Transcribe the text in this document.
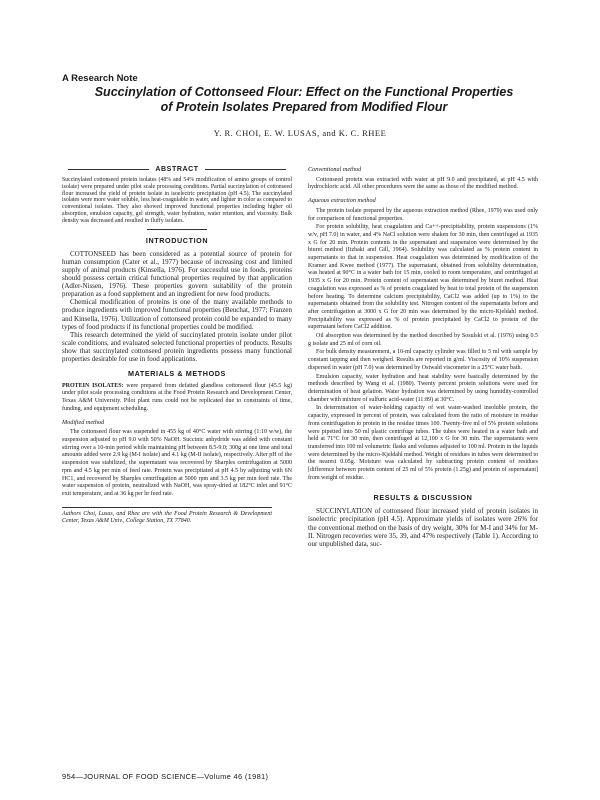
A Research Note
Succinylation of Cottonseed Flour: Effect on the Functional Properties
of Protein Isolates Prepared from Modified Flour
Y. R. CHOI, E. W. LUSAS, and K. C. RHEE
ABSTRACT

Succinylated cottonseed protein isolates (48% and 54% modification of amino groups of control isolate) were prepared under pilot scale processing conditions. Partial succinylation of cottonseed flour increased the yield of protein isolate in isoelectric precipitation (pH 4.5). The succinylated isolates were more water soluble, less heat-coagulable in water, and lighter in color as compared to conventional isolates. They also showed improved functional properties including higher oil absorption, emulsion capacity, gel strength, water hydration, water retention, and viscosity. Bulk density was decreased and resulted in fluffy isolates.

INTRODUCTION

COTTONSEED has been considered as a potential source of protein for human consumption (Cater et al., 1977) because of increasing cost and limited supply of animal products (Kinsella, 1976). For successful use in foods, proteins should possess certain critical functional properties required by that application (Adler-Nissen, 1976). These properties govern suitability of the protein preparation as a food supplement and an ingredient for new food products.

Chemical modification of proteins is one of the many available methods to produce ingredients with improved functional properties (Beuchat, 1977; Franzen and Kinsella, 1976). Utilization of cottonseed protein could be expanded to many types of food products if its functional properties could be modified.

This research determined the yield of succinylated protein isolate under pilot scale conditions, and evaluated selected functional properties of products. Results show that succinylated cottonseed protein ingredients possess many functional properties desirable for use in food applications.

MATERIALS & METHODS

PROTEIN ISOLATES: were prepared from defatted glandless cottonseed flour (45.5 kg) under pilot scale processing conditions at the Food Protein Research and Development Center, Texas A&M University. Pilot plant runs could not be replicated due to constraints of time, funding, and equipment scheduling.

Modified method

The cottonseed flour was suspended in 455 kg of 40°C water with stirring (1:10 w/w), the suspension adjusted to pH 9.0 with 50% NaOH. Succinic anhydride was added with constant stirring over a 10-min period while maintaining pH between 8.5-9.0; 300g at one time and total amounts added were 2.9 kg (M-I isolate) and 4.1 kg (M-II isolate), respectively. After pH of the suspension was stabilized, the supernatant was recovered by Sharples centrifugation at 5000 rpm and 4.5 kg per min of feed rate. Protein was precipitated at pH 4.5 by adjusting with 6N HC1, and recovered by Sharples centrifugation at 5000 rpm and 3.5 kg per min feed rate. The water suspension of protein, neutralized with NaOH, was spray-dried at 182°C inlet and 91°C exit temperature, and at 36 kg per hr feed rate.

Authors Choi, Lusas, and Rhee are with the Food Protein Research & Development Center, Texas A&M Univ., College Station, TX 77840.
Conventional method

Cottonseed protein was extracted with water at pH 9.0 and precipitated, at pH 4.5 with hydrochloric acid. All other procedures were the same as those of the modified method.

Aqueous extraction method

The protein isolate prepared by the aqueous extraction method (Rhee, 1979) was used only for comparison of functional properties.

For protein solubility, heat coagulation and Ca++-precipitability, protein suspensions (1% w/v, pH 7.0) in water, and 4% NaCl solution were shaken for 30 min, then centrifuged at 1935 x G for 20 min. Protein contents in the supernatant and suspension were determined by the biuret method (Itzhaki and Gill, 1964). Solubility was calculated as % protein content in supernatants to that in suspension. Heat coagulation was determined by modification of the Kramer and Kwee method (1977). The supernatant, obtained from solubility determination, was heated at 90°C in a water bath for 15 min, cooled to room temperature, and centrifuged at 1935 x G for 20 min. Protein content of supernatant was determined by biuret method. Heat coagulation was expressed as % of protein coagulated by heat to total protein of the suspension before heating. To determine calcium precipitability, CaCl2 was added (up to 1%) to the supernatants obtained from the solubility test. Nitrogen content of the supernatants before and after centrifugation at 3000 x G for 20 min was determined by the micro-Kjeldahl method. Precipitability was expressed as % of protein precipitated by CaCl2 to protein of the supernatant before CaCl2 addition.

Oil absorption was determined by the method described by Sosulski et al. (1976) using 0.5 g isolate and 25 ml of corn oil.

For bulk density measurement, a 10-ml capacity cylinder was filled to 5 ml with sample by constant tapping and then weighed. Results are reported in g/ml. Viscosity of 10% suspension dispersed in water (pH 7.0) was determined by Ostwald viscometer in a 25°C water bath.

Emulsion capacity, water hydration and heat stability were basically determined by the methods described by Wang et al. (1980). Twenty percent protein solutions were used for determination of heat gelation. Water hydration was determined by using humidity-controlled chamber with mixture of sulfuric acid-water (11:89) at 30°C.

In determination of water-holding capacity of wet water-washed insoluble protein, the capacity, expressed in percent of protein, was calculated from the ratio of moisture in residue from centrifugation to protein in the residue times 100. Twenty-five ml of 5% protein solutions were pipetted into 50 ml plastic centrifuge tubes. The tubes were heated in a water bath and held at 71°C for 30 min, then centrifuged at 12,100 x G for 30 min. The supernatants were transferred into 100 ml volumetric flasks and volumes adjusted to 100 ml. Protein in the liquids were determined by the micro-Kjeldahl method. Weight of residues in tubes were determined to the nearest 0.05g. Moisture was calculated by subtracting protein content of residues [difference between protein content of 25 ml of 5% protein (1.25g) and protein of supernatant] from weight of residue.

RESULTS & DISCUSSION

SUCCINYLATION of cottonseed flour increased yield of protein isolates in isoelectric precipitation (pH 4.5). Approximate yields of isolates were 26% for the conventional method on the basis of dry weight, 30% for M-I and 34% for M-II. Nitrogen recoveries were 35, 39, and 47% respectively (Table 1). According to our unpublished data, suc-

954—JOURNAL OF FOOD SCIENCE—Volume 46 (1981)
